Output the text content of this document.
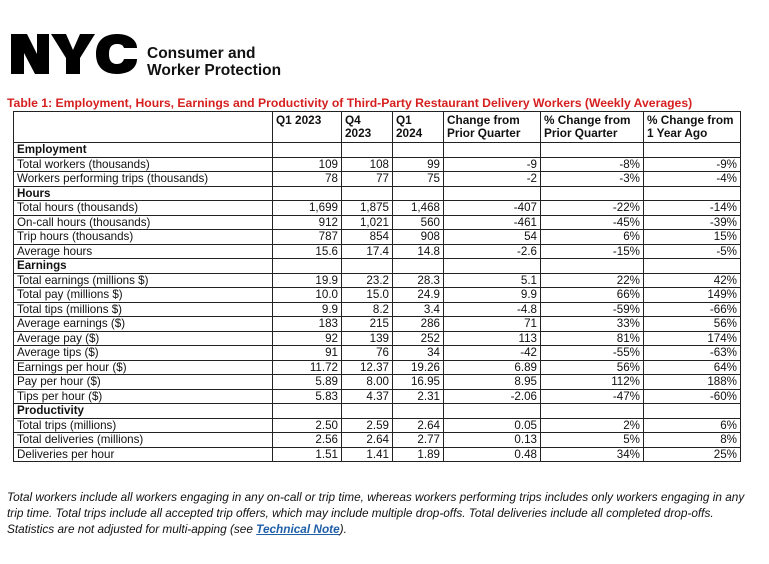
Consumer and
Worker Protection
Table 1: Employment, Hours, Earnings and Productivity of Third-Party Restaurant Delivery Workers (Weekly Averages)
	Q1 2023	Q4 2023	Q1 2024	Change from Prior Quarter	% Change from Prior Quarter	% Change from 1 Year Ago
Employment						
Total workers (thousands)	109	108	99	-9	-8%	-9%
Workers performing trips (thousands)	78	77	75	-2	-3%	-4%
Hours						
Total hours (thousands)	1,699	1,875	1,468	-407	-22%	-14%
On-call hours (thousands)	912	1,021	560	-461	-45%	-39%
Trip hours (thousands)	787	854	908	54	6%	15%
Average hours	15.6	17.4	14.8	-2.6	-15%	-5%
Earnings						
Total earnings (millions $)	19.9	23.2	28.3	5.1	22%	42%
Total pay (millions $)	10.0	15.0	24.9	9.9	66%	149%
Total tips (millions $)	9.9	8.2	3.4	-4.8	-59%	-66%
Average earnings ($)	183	215	286	71	33%	56%
Average pay ($)	92	139	252	113	81%	174%
Average tips ($)	91	76	34	-42	-55%	-63%
Earnings per hour ($)	11.72	12.37	19.26	6.89	56%	64%
Pay per hour ($)	5.89	8.00	16.95	8.95	112%	188%
Tips per hour ($)	5.83	4.37	2.31	-2.06	-47%	-60%
Productivity						
Total trips (millions)	2.50	2.59	2.64	0.05	2%	6%
Total deliveries (millions)	2.56	2.64	2.77	0.13	5%	8%
Deliveries per hour	1.51	1.41	1.89	0.48	34%	25%
Total workers include all workers engaging in any on-call or trip time, whereas workers performing trips includes only workers engaging in any trip time. Total trips include all accepted trip offers, which may include multiple drop-offs. Total deliveries include all completed drop-offs. Statistics are not adjusted for multi-apping (see Technical Note).
